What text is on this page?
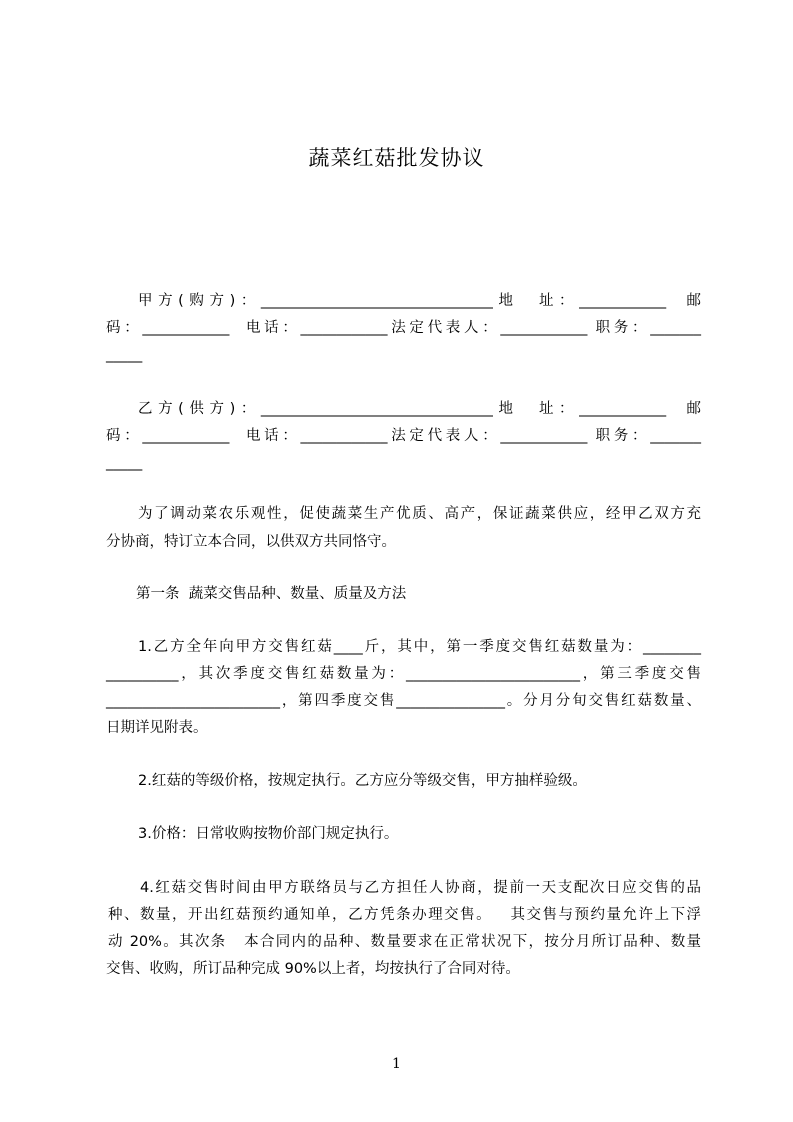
蔬菜红菇批发协议
甲方(购方)：________________________________地  址：____________  邮
码：____________  电话：____________法定代表人：____________ 职务：_______
_____
乙方(供方)：________________________________地  址：____________  邮
码：____________  电话：____________法定代表人：____________ 职务：_______
_____
为了调动菜农乐观性，促使蔬菜生产优质、高产，保证蔬菜供应，经甲乙双方充
分协商，特订立本合同，以供双方共同恪守。
第一条  蔬菜交售品种、数量、质量及方法
1.乙方全年向甲方交售红菇____斤，其中，第一季度交售红菇数量为：________
__________，其次季度交售红菇数量为：________________________，第三季度交售
________________________，第四季度交售_______________。分月分旬交售红菇数量、
日期详见附表。
2.红菇的等级价格，按规定执行。乙方应分等级交售，甲方抽样验级。
3.价格：日常收购按物价部门规定执行。
4.红菇交售时间由甲方联络员与乙方担任人协商，提前一天支配次日应交售的品
种、数量，开出红菇预约通知单，乙方凭条办理交售。   其交售与预约量允许上下浮
动 20%。其次条   本合同内的品种、数量要求在正常状况下，按分月所订品种、数量
交售、收购，所订品种完成 90%以上者，均按执行了合同对待。
1
